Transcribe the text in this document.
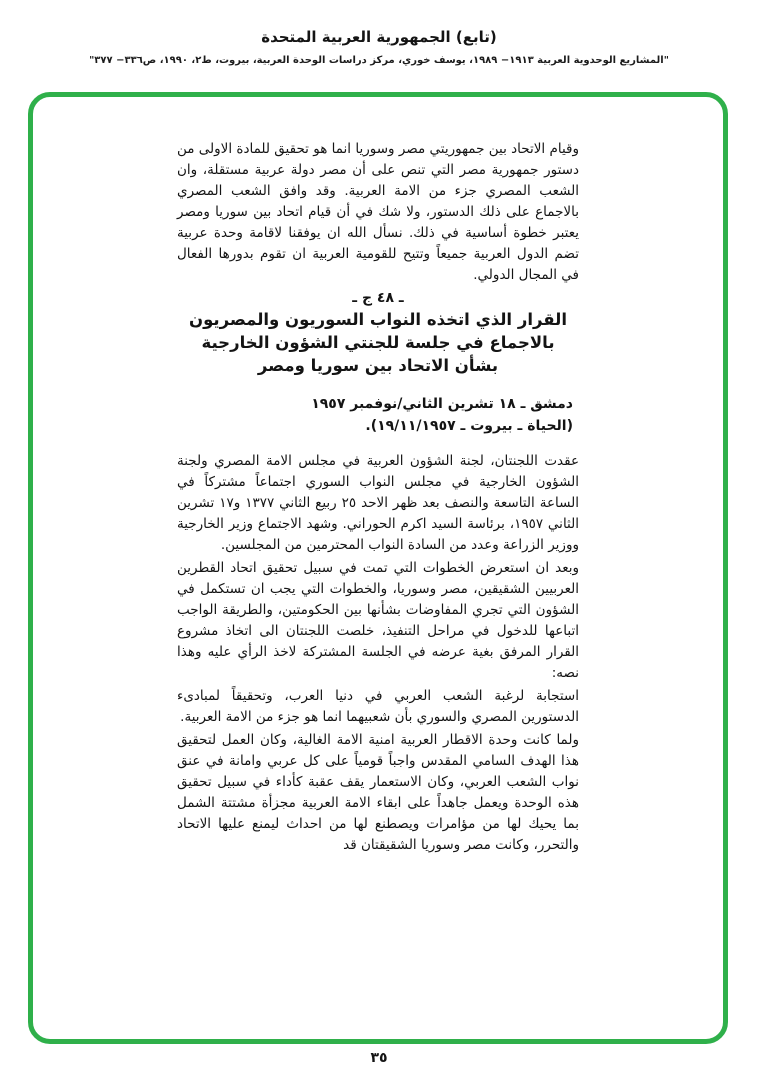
(تابع) الجمهورية العربية المتحدة
"المشاريع الوحدوية العربية ١٩١٣− ١٩٨٩، يوسف خوري، مركز دراسات الوحدة العربية، بيروت، ط٢، ١٩٩٠، ص٣٣٦− ٣٧٧"

وقيام الاتحاد بين جمهوريتي مصر وسوريا انما هو تحقيق للمادة الاولى من دستور جمهورية مصر التي تنص على أن مصر دولة عربية مستقلة، وان الشعب المصري جزء من الامة العربية. وقد وافق الشعب المصري بالاجماع على ذلك الدستور، ولا شك في أن قيام اتحاد بين سوريا ومصر يعتبر خطوة أساسية في ذلك. نسأل الله ان يوفقنا لاقامة وحدة عربية تضم الدول العربية جميعاً وتتيح للقومية العربية ان تقوم بدورها الفعال في المجال الدولي.

ـ ٤٨ ج ـ
القرار الذي اتخذه النواب السوريون والمصريون
بالاجماع في جلسة للجنتي الشؤون الخارجية
بشأن الاتحاد بين سوريا ومصر
دمشق ـ ١٨ تشرين الثاني/نوفمبر ١٩٥٧
(الحياة ـ بيروت ـ ١٩/١١/١٩٥٧).

عقدت اللجنتان، لجنة الشؤون العربية في مجلس الامة المصري ولجنة الشؤون الخارجية في مجلس النواب السوري اجتماعاً مشتركاً في الساعة التاسعة والنصف بعد ظهر الاحد ٢٥ ربيع الثاني ١٣٧٧ و١٧ تشرين الثاني ١٩٥٧، برئاسة السيد اكرم الحوراني. وشهد الاجتماع وزير الخارجية ووزير الزراعة وعدد من السادة النواب المحترمين من المجلسين.

وبعد ان استعرض الخطوات التي تمت في سبيل تحقيق اتحاد القطرين العربيين الشقيقين، مصر وسوريا، والخطوات التي يجب ان تستكمل في الشؤون التي تجري المفاوضات بشأنها بين الحكومتين، والطريقة الواجب اتباعها للدخول في مراحل التنفيذ، خلصت اللجنتان الى اتخاذ مشروع القرار المرفق بغية عرضه في الجلسة المشتركة لاخذ الرأي عليه وهذا نصه:

استجابة لرغبة الشعب العربي في دنيا العرب، وتحقيقاً لمبادىء الدستورين المصري والسوري بأن شعبيهما انما هو جزء من الامة العربية.

ولما كانت وحدة الاقطار العربية امنية الامة الغالية، وكان العمل لتحقيق هذا الهدف السامي المقدس واجباً قومياً على كل عربي وامانة في عنق نواب الشعب العربي، وكان الاستعمار يقف عقبة كأداء في سبيل تحقيق هذه الوحدة ويعمل جاهداً على ابقاء الامة العربية مجزأة مشتتة الشمل بما يحيك لها من مؤامرات ويصطنع لها من احداث ليمنع عليها الاتحاد والتحرر، وكانت مصر وسوريا الشقيقتان قد

٣٥
